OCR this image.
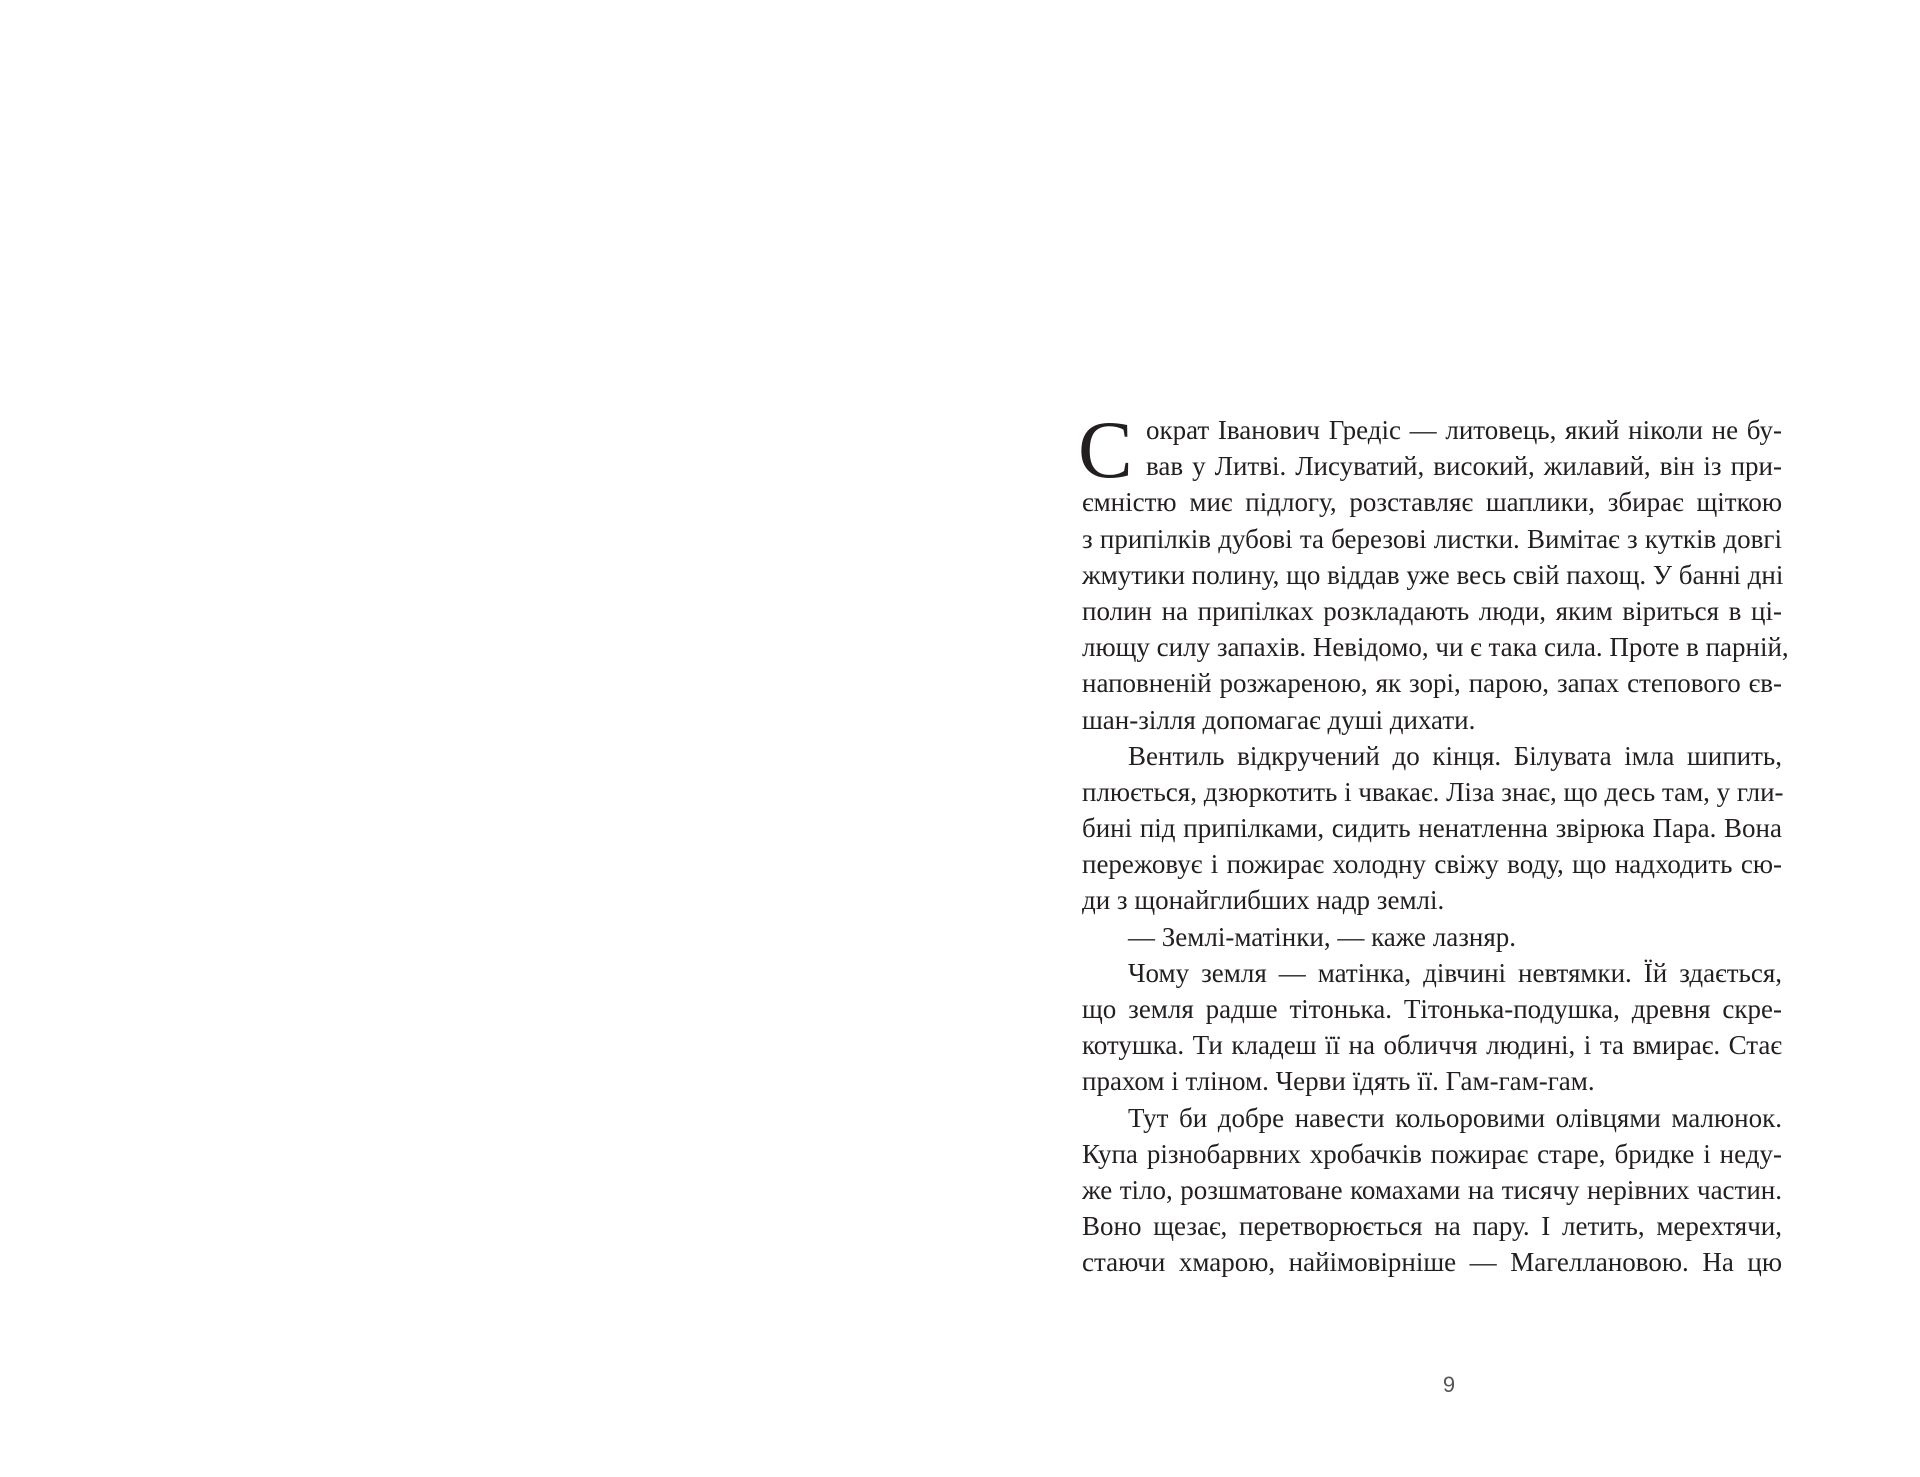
С ократ Іванович Гредіс — литовець, який ніколи не бу-
вав у Литві. Лисуватий, високий, жилавий, він із при-
ємністю миє підлогу, розставляє шаплики, збирає щіткою
з припілків дубові та березові листки. Вимітає з кутків довгі
жмутики полину, що віддав уже весь свій пахощ. У банні дні
полин на припілках розкладають люди, яким віриться в ці-
лющу силу запахів. Невідомо, чи є така сила. Проте в парній,
наповненій розжареною, як зорі, парою, запах степового єв-
шан-зілля допомагає душі дихати.
Вентиль відкручений до кінця. Білувата імла шипить,
плюється, дзюркотить і чвакає. Ліза знає, що десь там, у гли-
бині під припілками, сидить ненатленна звірюка Пара. Вона
пережовує і пожирає холодну свіжу воду, що надходить сю-
ди з щонайглибших надр землі.
— Землі-матінки, — каже лазняр.
Чому земля — матінка, дівчині невтямки. Їй здається,
що земля радше тітонька. Тітонька-подушка, древня скре-
котушка. Ти кладеш її на обличчя людині, і та вмирає. Стає
прахом і тліном. Черви їдять її. Гам-гам-гам.
Тут би добре навести кольоровими олівцями малюнок.
Купа різнобарвних хробачків пожирає старе, бридке і неду-
же тіло, розшматоване комахами на тисячу нерівних частин.
Воно щезає, перетворюється на пару. І летить, мерехтячи,
стаючи хмарою, найімовірніше — Магеллановою. На цю
9
